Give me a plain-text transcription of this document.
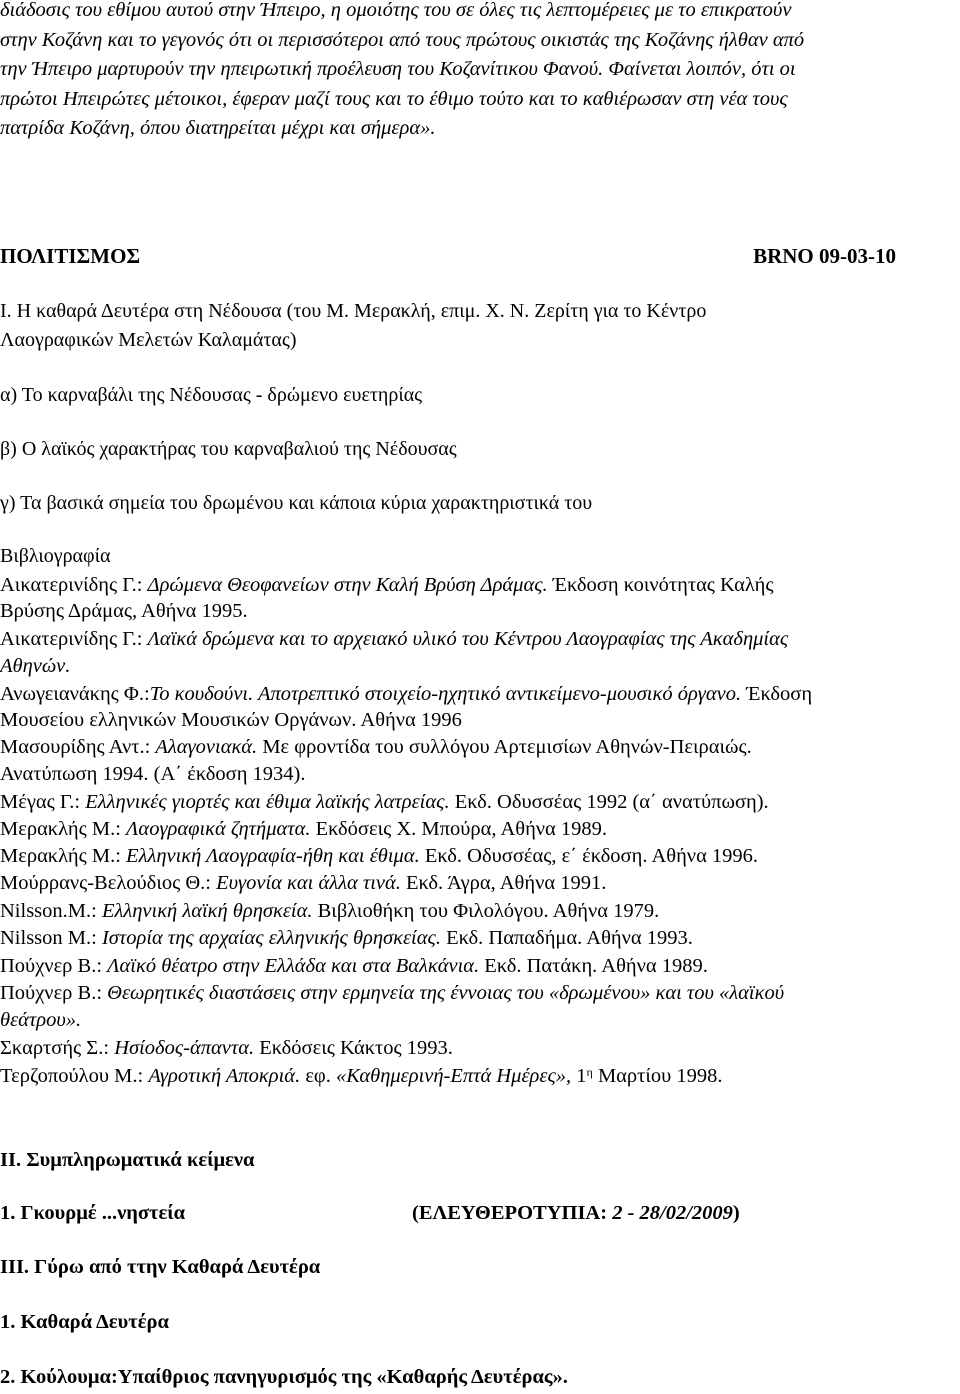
διάδοσις του εθίμου αυτού στην Ήπειρο, η ομοιότης του σε όλες τις λεπτομέρειες με το επικρατούν
στην Κοζάνη και το γεγονός ότι οι περισσότεροι από τους πρώτους οικιστάς της Κοζάνης ήλθαν από
την Ήπειρο μαρτυρούν την ηπειρωτική προέλευση του Κοζανίτικου Φανού. Φαίνεται λοιπόν, ότι οι
πρώτοι Ηπειρώτες μέτοικοι, έφεραν μαζί τους και το έθιμο τούτο και το καθιέρωσαν στη νέα τους
πατρίδα Κοζάνη, όπου διατηρείται μέχρι και σήμερα».
ΠΟΛΙΤΙΣΜΟΣ	BRNO 09-03-10
Ι. Η καθαρά Δευτέρα στη Νέδουσα (του Μ. Μερακλή, επιμ. Χ. Ν. Ζερίτη για το Κέντρο
Λαογραφικών Μελετών Καλαμάτας)
α) Το καρναβάλι της Νέδουσας - δρώμενο ευετηρίας
β) Ο λαϊκός χαρακτήρας του καρναβαλιού της Νέδουσας
γ) Τα βασικά σημεία του δρωμένου και κάποια κύρια χαρακτηριστικά του
Βιβλιογραφία
Αικατερινίδης Γ.: Δρώμενα Θεοφανείων στην Καλή Βρύση Δράμας. Έκδοση κοινότητας Καλής
Βρύσης Δράμας, Αθήνα 1995.
Αικατερινίδης Γ.: Λαϊκά δρώμενα και το αρχειακό υλικό του Κέντρου Λαογραφίας της Ακαδημίας
Αθηνών.
Ανωγειανάκης Φ.:Το κουδούνι. Αποτρεπτικό στοιχείο-ηχητικό αντικείμενο-μουσικό όργανο. Έκδοση
Μουσείου ελληνικών Μουσικών Οργάνων. Αθήνα 1996
Μασουρίδης Αντ.: Αλαγονιακά. Με φροντίδα του συλλόγου Αρτεμισίων Αθηνών-Πειραιώς.
Ανατύπωση 1994. (Α΄ έκδοση 1934).
Μέγας Γ.: Ελληνικές γιορτές και έθιμα λαϊκής λατρείας. Εκδ. Οδυσσέας 1992 (α΄ ανατύπωση).
Μερακλής Μ.: Λαογραφικά ζητήματα. Εκδόσεις Χ. Μπούρα, Αθήνα 1989.
Μερακλής Μ.: Ελληνική Λαογραφία-ήθη και έθιμα. Εκδ. Οδυσσέας, ε΄ έκδοση. Αθήνα 1996.
Μούρρανς-Βελούδιος Θ.: Ευγονία και άλλα τινά. Εκδ. Άγρα, Αθήνα 1991.
Nilsson.M.: Ελληνική λαϊκή θρησκεία. Βιβλιοθήκη του Φιλολόγου. Αθήνα 1979.
Nilsson M.: Ιστορία της αρχαίας ελληνικής θρησκείας. Εκδ. Παπαδήμα. Αθήνα 1993.
Πούχνερ Β.: Λαϊκό θέατρο στην Ελλάδα και στα Βαλκάνια. Εκδ. Πατάκη. Αθήνα 1989.
Πούχνερ Β.: Θεωρητικές διαστάσεις στην ερμηνεία της έννοιας του «δρωμένου» και του «λαϊκού
θεάτρου».
Σκαρτσής Σ.: Ησίοδος-άπαντα. Εκδόσεις Κάκτος 1993.
Τερζοπούλου Μ.: Αγροτική Αποκριά. εφ. «Καθημερινή-Επτά Ημέρες», $1^\eta$ Μαρτίου 1998.
ΙΙ. Συμπληρωματικά κείμενα
1. Γκουρμέ ...νηστεία	(ΕΛΕΥΘΕΡΟΤΥΠΙΑ: 2 - 28/02/2009)
ΙΙΙ. Γύρω από ττην Καθαρά Δευτέρα
1. Καθαρά Δευτέρα
2. Κούλουμα:Υπαίθριος πανηγυρισμός της «Καθαρής Δευτέρας».
